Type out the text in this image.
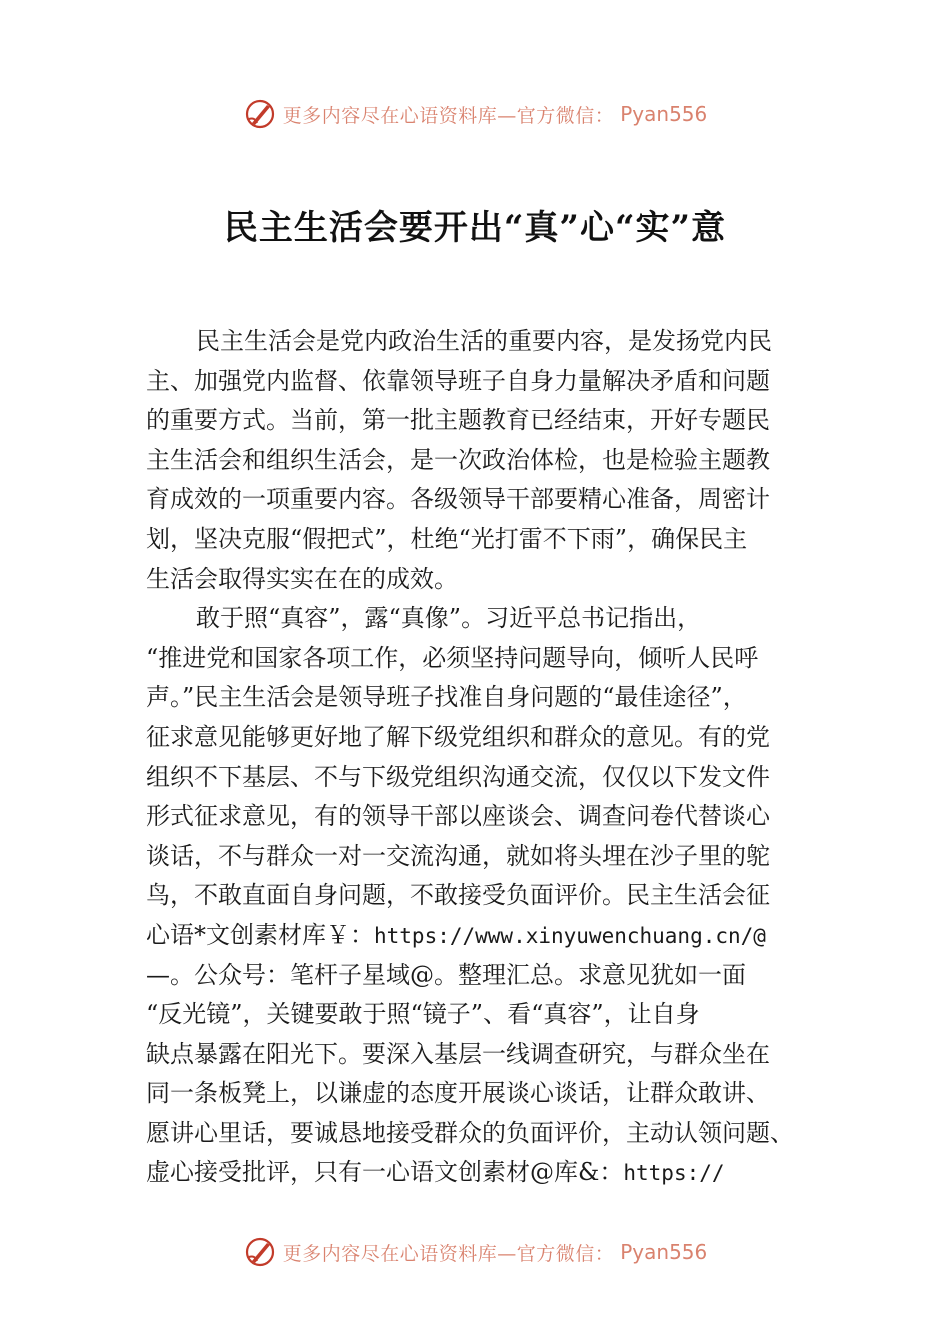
更多内容尽在心语资料库—官方微信： Pyan556
民主生活会要开出“真”心“实”意
民主生活会是党内政治生活的重要内容，是发扬党内民
主、加强党内监督、依靠领导班子自身力量解决矛盾和问题
的重要方式。当前，第一批主题教育已经结束，开好专题民
主生活会和组织生活会，是一次政治体检，也是检验主题教
育成效的一项重要内容。各级领导干部要精心准备，周密计
划，坚决克服“假把式”，杜绝“光打雷不下雨”，确保民主
生活会取得实实在在的成效。
敢于照“真容”，露“真像”。习近平总书记指出，
“推进党和国家各项工作，必须坚持问题导向，倾听人民呼
声。”民主生活会是领导班子找准自身问题的“最佳途径”，
征求意见能够更好地了解下级党组织和群众的意见。有的党
组织不下基层、不与下级党组织沟通交流，仅仅以下发文件
形式征求意见，有的领导干部以座谈会、调查问卷代替谈心
谈话，不与群众一对一交流沟通，就如将头埋在沙子里的鸵
鸟，不敢直面自身问题，不敢接受负面评价。民主生活会征
心语*文创素材库￥：https://www.xinyuwenchuang.cn/@
—。公众号：笔杆子星域@。整理汇总。求意见犹如一面
“反光镜”，关键要敢于照“镜子”、看“真容”，让自身
缺点暴露在阳光下。要深入基层一线调查研究，与群众坐在
同一条板凳上，以谦虚的态度开展谈心谈话，让群众敢讲、
愿讲心里话，要诚恳地接受群众的负面评价，主动认领问题、
虚心接受批评，只有一心语文创素材@库&：https://
更多内容尽在心语资料库—官方微信： Pyan556
